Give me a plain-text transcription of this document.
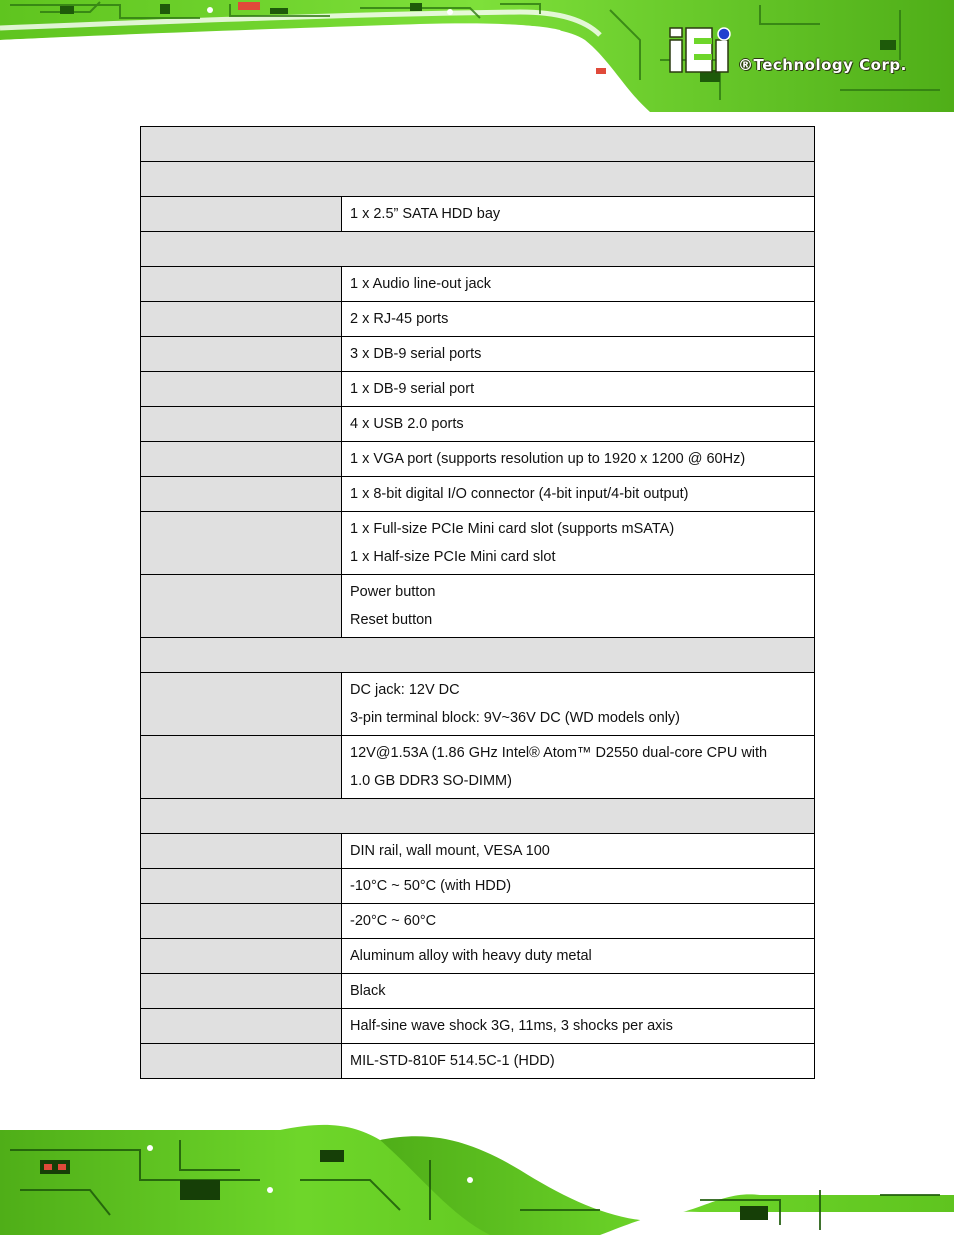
®Technology Corp.

	1 x 2.5” SATA HDD bay

	1 x Audio line-out jack

	2 x RJ-45 ports

	3 x DB-9 serial ports

	1 x DB-9 serial port

	4 x USB 2.0 ports

	1 x VGA port (supports resolution up to 1920 x 1200 @ 60Hz)

	1 x 8-bit digital I/O connector (4-bit input/4-bit output)

	1 x Full-size PCIe Mini card slot (supports mSATA)
1 x Half-size PCIe Mini card slot

	Power button
Reset button

	DC jack: 12V DC
3-pin terminal block: 9V~36V DC (WD models only)

	12V@1.53A (1.86 GHz Intel® Atom™ D2550 dual-core CPU with
1.0 GB DDR3 SO-DIMM)

	DIN rail, wall mount, VESA 100

	-10°C ~ 50°C (with HDD)

	-20°C ~ 60°C

	Aluminum alloy with heavy duty metal

	Black

	Half-sine wave shock 3G, 11ms, 3 shocks per axis

	MIL-STD-810F 514.5C-1 (HDD)
